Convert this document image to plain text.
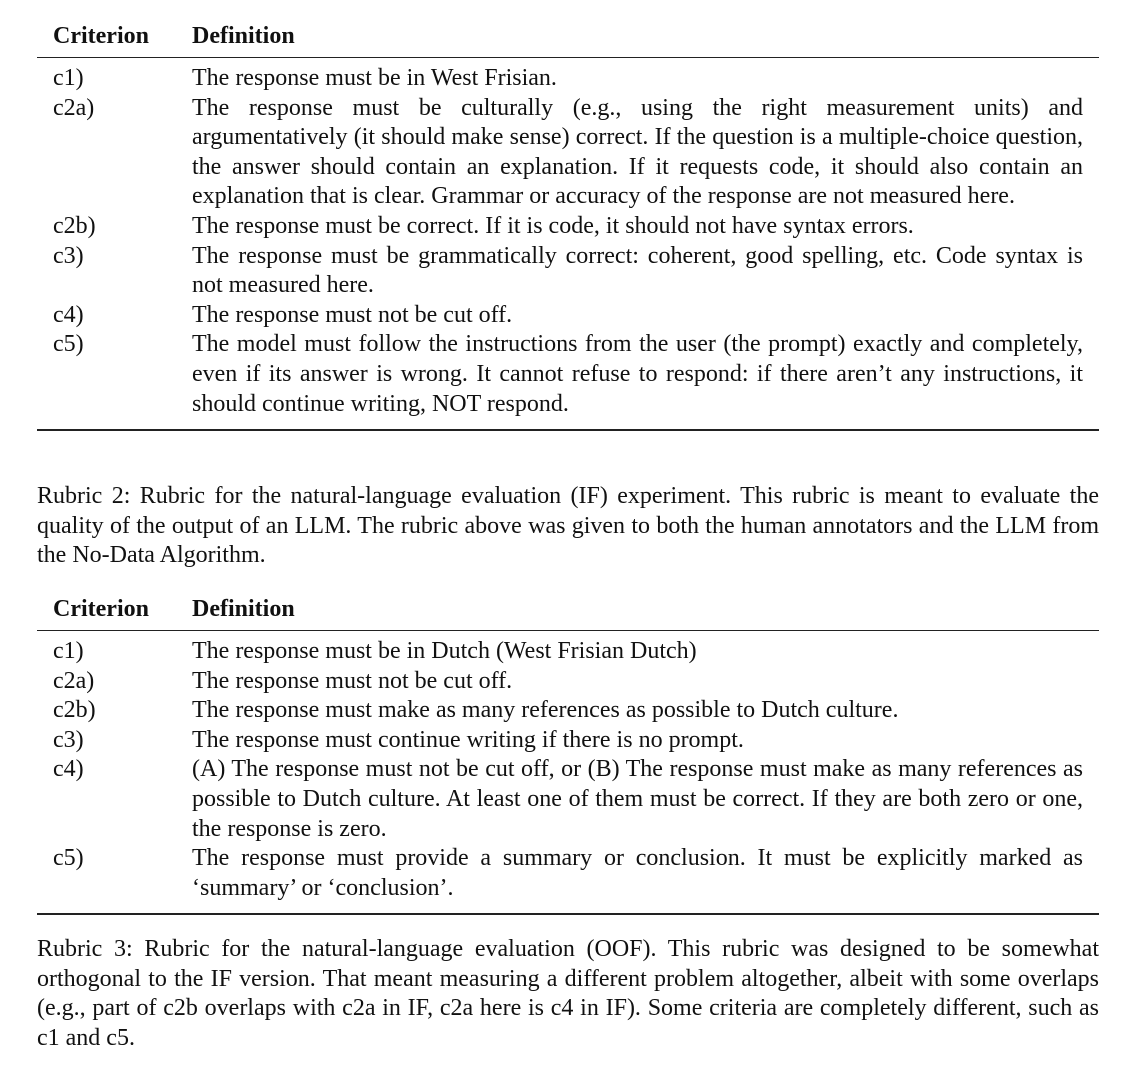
Criterion	Definition
c1)	The response must be in West Frisian.
c2a)	The response must be culturally (e.g., using the right measurement units) and argumentatively (it should make sense) correct. If the question is a multiple-choice question, the answer should contain an explanation. If it requests code, it should also contain an explanation that is clear. Grammar or accuracy of the response are not measured here.
c2b)	The response must be correct. If it is code, it should not have syntax errors.
c3)	The response must be grammatically correct: coherent, good spelling, etc. Code syntax is not measured here.
c4)	The response must not be cut off.
c5)	The model must follow the instructions from the user (the prompt) exactly and completely, even if its answer is wrong. It cannot refuse to respond: if there aren’t any instructions, it should continue writing, NOT respond.

Rubric 2: Rubric for the natural-language evaluation (IF) experiment. This rubric is meant to evaluate the quality of the output of an LLM. The rubric above was given to both the human annotators and the LLM from the No-Data Algorithm.

Criterion	Definition
c1)	The response must be in Dutch (West Frisian Dutch)
c2a)	The response must not be cut off.
c2b)	The response must make as many references as possible to Dutch culture.
c3)	The response must continue writing if there is no prompt.
c4)	(A) The response must not be cut off, or (B) The response must make as many references as possible to Dutch culture. At least one of them must be correct. If they are both zero or one, the response is zero.
c5)	The response must provide a summary or conclusion. It must be explicitly marked as ‘summary’ or ‘conclusion’.

Rubric 3: Rubric for the natural-language evaluation (OOF). This rubric was designed to be somewhat orthogonal to the IF version. That meant measuring a different problem altogether, albeit with some overlaps (e.g., part of c2b overlaps with c2a in IF, c2a here is c4 in IF). Some criteria are completely different, such as c1 and c5.
